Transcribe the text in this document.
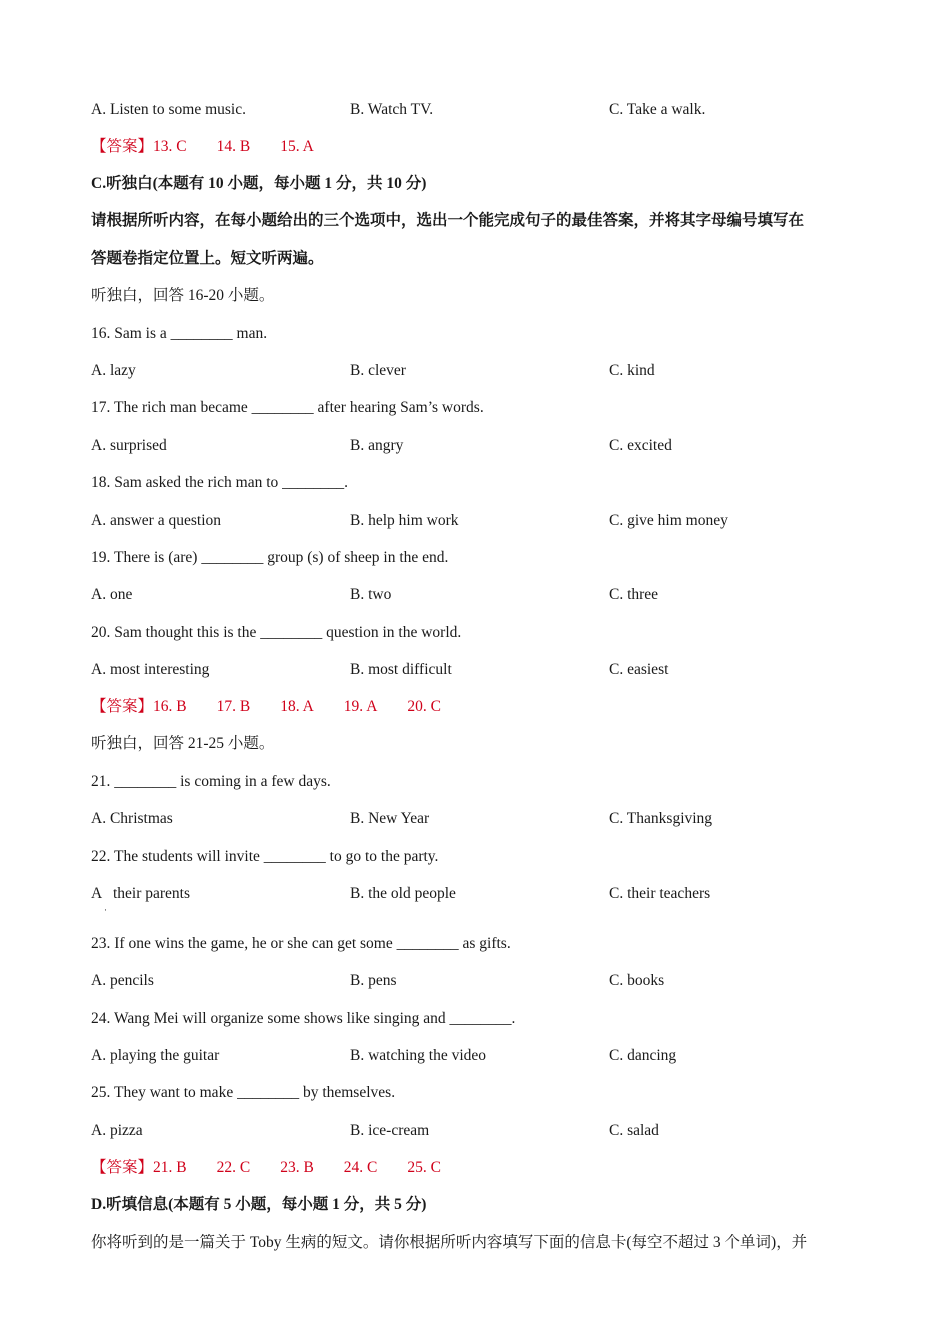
A. Listen to some music.	B. Watch TV.	C. Take a walk.
【答案】13. C 14. B 15. A
C.听独白(本题有 10 小题，每小题 1 分，共 10 分)
请根据所听内容，在每小题给出的三个选项中，选出一个能完成句子的最佳答案，并将其字母编号填写在
答题卷指定位置上。短文听两遍。
听独白，回答 16-20 小题。
16. Sam is a ________ man.
A. lazy	B. clever	C. kind
17. The rich man became ________ after hearing Sam’s words.
A. surprised	B. angry	C. excited
18. Sam asked the rich man to ________.
A. answer a question	B. help him work	C. give him money
19. There is (are) ________ group (s) of sheep in the end.
A. one	B. two	C. three
20. Sam thought this is the ________ question in the world.
A. most interesting	B. most difficult	C. easiest
【答案】16. B 17. B 18. A 19. A 20. C
听独白，回答 21-25 小题。
21. ________ is coming in a few days.
A. Christmas	B. New Year	C. Thanksgiving
22. The students will invite ________ to go to the party.
A   their parents	B. the old people	C. their teachers
·
23. If one wins the game, he or she can get some ________ as gifts.
A. pencils	B. pens	C. books
24. Wang Mei will organize some shows like singing and ________.
A. playing the guitar	B. watching the video	C. dancing
25. They want to make ________ by themselves.
A. pizza	B. ice-cream	C. salad
【答案】21. B 22. C 23. B 24. C 25. C
D.听填信息(本题有 5 小题，每小题 1 分，共 5 分)
你将听到的是一篇关于 Toby 生病的短文。请你根据所听内容填写下面的信息卡(每空不超过 3 个单词)，并
